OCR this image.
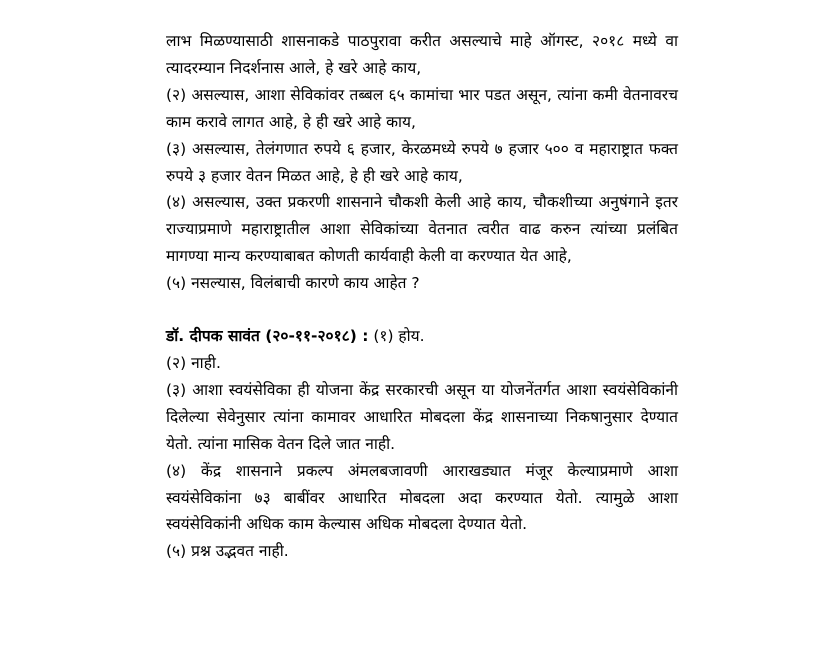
लाभ मिळण्यासाठी शासनाकडे पाठपुरावा करीत असल्याचे माहे ऑगस्ट, २०१८ मध्ये वा त्यादरम्यान निदर्शनास आले, हे खरे आहे काय,

(२) असल्यास, आशा सेविकांवर तब्बल ६५ कामांचा भार पडत असून, त्यांना कमी वेतनावरच काम करावे लागत आहे, हे ही खरे आहे काय,

(३) असल्यास, तेलंगणात रुपये ६ हजार, केरळमध्ये रुपये ७ हजार ५०० व महाराष्ट्रात फक्त रुपये ३ हजार वेतन मिळत आहे, हे ही खरे आहे काय,

(४) असल्यास, उक्त प्रकरणी शासनाने चौकशी केली आहे काय, चौकशीच्या अनुषंगाने इतर राज्याप्रमाणे महाराष्ट्रातील आशा सेविकांच्या वेतनात त्वरीत वाढ करुन त्यांच्या प्रलंबित मागण्या मान्य करण्याबाबत कोणती कार्यवाही केली वा करण्यात येत आहे,

(५) नसल्यास, विलंबाची कारणे काय आहेत ?

डॉ. दीपक सावंत (२०-११-२०१८) : (१) होय.

(२) नाही.

(३) आशा स्वयंसेविका ही योजना केंद्र सरकारची असून या योजनेंतर्गत आशा स्वयंसेविकांनी दिलेल्या सेवेनुसार त्यांना कामावर आधारित मोबदला केंद्र शासनाच्या निकषानुसार देण्यात येतो. त्यांना मासिक वेतन दिले जात नाही.

(४) केंद्र शासनाने प्रकल्प अंमलबजावणी आराखड्यात मंजूर केल्याप्रमाणे आशा स्वयंसेविकांना ७३ बाबींवर आधारित मोबदला अदा करण्यात येतो. त्यामुळे आशा स्वयंसेविकांनी अधिक काम केल्यास अधिक मोबदला देण्यात येतो.

(५) प्रश्न उद्भवत नाही.
